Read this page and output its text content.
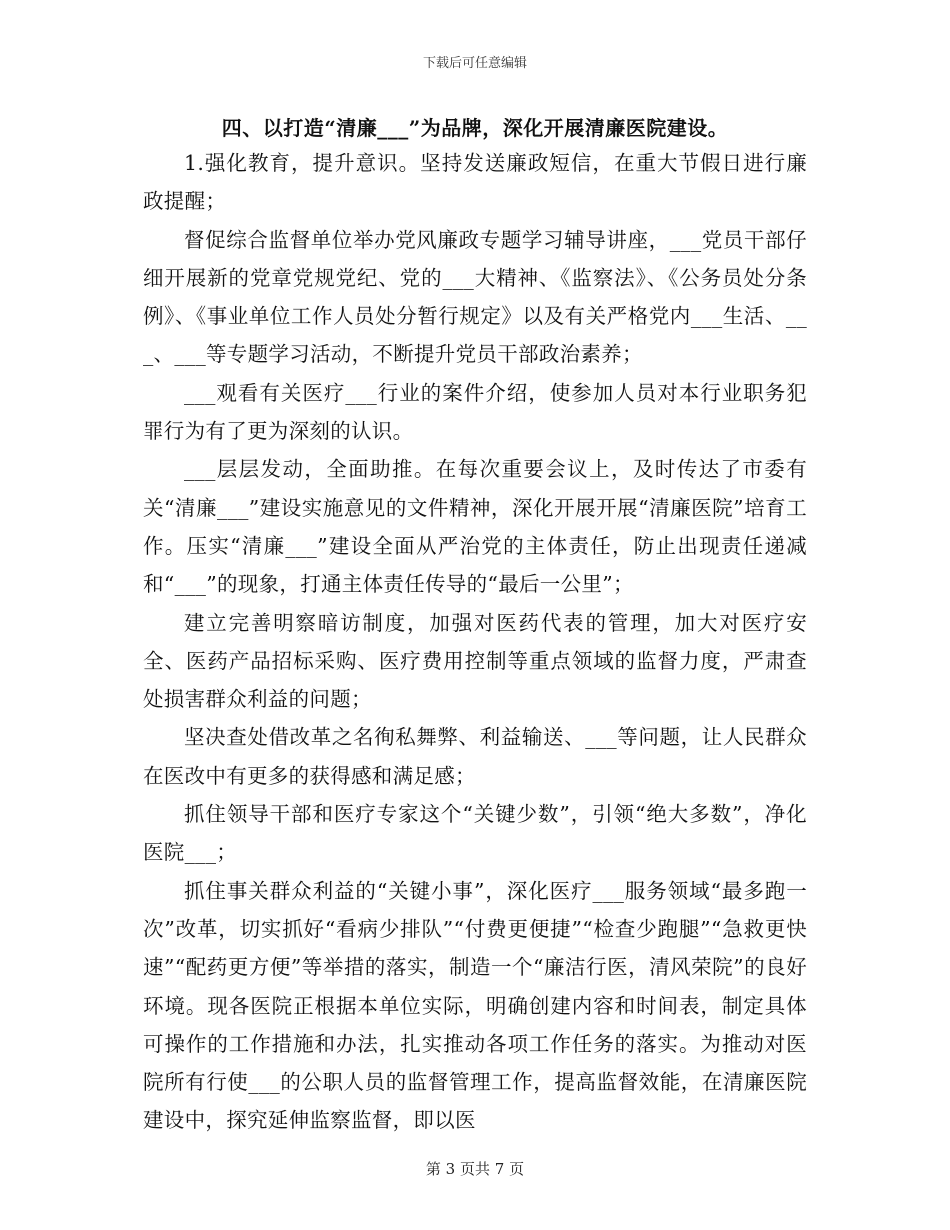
下载后可任意编辑
四、以打造“清廉___”为品牌，深化开展清廉医院建设。

1.强化教育，提升意识。坚持发送廉政短信，在重大节假日进行廉政提醒；

督促综合监督单位举办党风廉政专题学习辅导讲座，___党员干部仔细开展新的党章党规党纪、党的___大精神、《监察法》、《公务员处分条例》、《事业单位工作人员处分暂行规定》以及有关严格党内___生活、___、___等专题学习活动，不断提升党员干部政治素养；

___观看有关医疗___行业的案件介绍，使参加人员对本行业职务犯罪行为有了更为深刻的认识。

___层层发动，全面助推。在每次重要会议上，及时传达了市委有关“清廉___”建设实施意见的文件精神，深化开展开展“清廉医院”培育工作。压实“清廉___”建设全面从严治党的主体责任，防止出现责任递减和“___”的现象，打通主体责任传导的“最后一公里”；

建立完善明察暗访制度，加强对医药代表的管理，加大对医疗安全、医药产品招标采购、医疗费用控制等重点领域的监督力度，严肃查处损害群众利益的问题；

坚决查处借改革之名徇私舞弊、利益输送、___等问题，让人民群众在医改中有更多的获得感和满足感；

抓住领导干部和医疗专家这个“关键少数”，引领“绝大多数”，净化医院___；

抓住事关群众利益的“关键小事”，深化医疗___服务领域“最多跑一次”改革，切实抓好“看病少排队”“付费更便捷”“检查少跑腿”“急救更快速”“配药更方便”等举措的落实，制造一个“廉洁行医，清风荣院”的良好环境。现各医院正根据本单位实际，明确创建内容和时间表，制定具体可操作的工作措施和办法，扎实推动各项工作任务的落实。为推动对医院所有行使___的公职人员的监督管理工作，提高监督效能，在清廉医院建设中，探究延伸监察监督，即以医

第 3 页共 7 页
